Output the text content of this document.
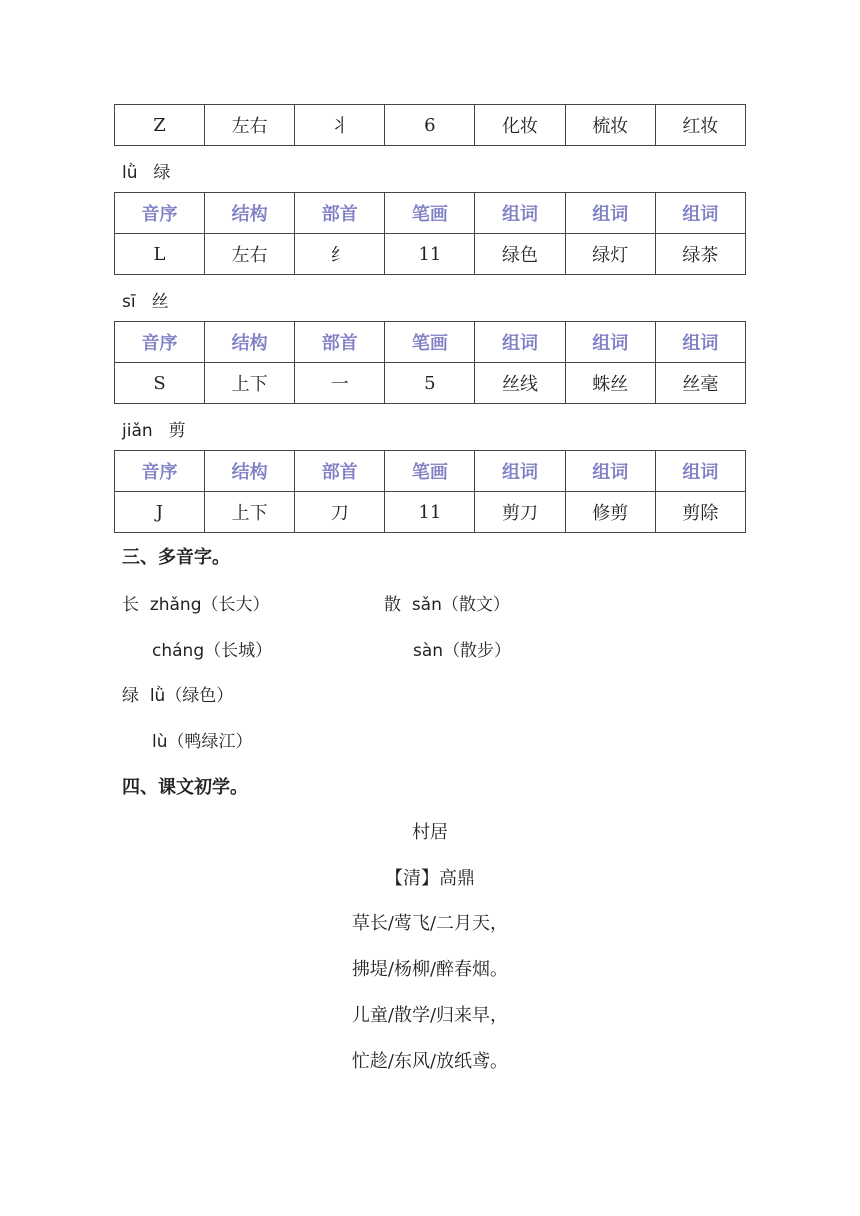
Z	左右	丬	6	化妆	梳妆	红妆
lǜ 绿
音序	结构	部首	笔画	组词	组词	组词
L	左右	纟	11	绿色	绿灯	绿茶
sī 丝
音序	结构	部首	笔画	组词	组词	组词
S	上下	一	5	丝线	蛛丝	丝毫
jiǎn 剪
音序	结构	部首	笔画	组词	组词	组词
J	上下	刀	11	剪刀	修剪	剪除
三、多音字。
长 zhǎng（长大）	散 sǎn（散文）
cháng（长城）	sàn（散步）
绿 lǜ（绿色）
lù（鸭绿江）
四、课文初学。
村居
【清】高鼎
草长/莺飞/二月天，
拂堤/杨柳/醉春烟。
儿童/散学/归来早，
忙趁/东风/放纸鸢。
